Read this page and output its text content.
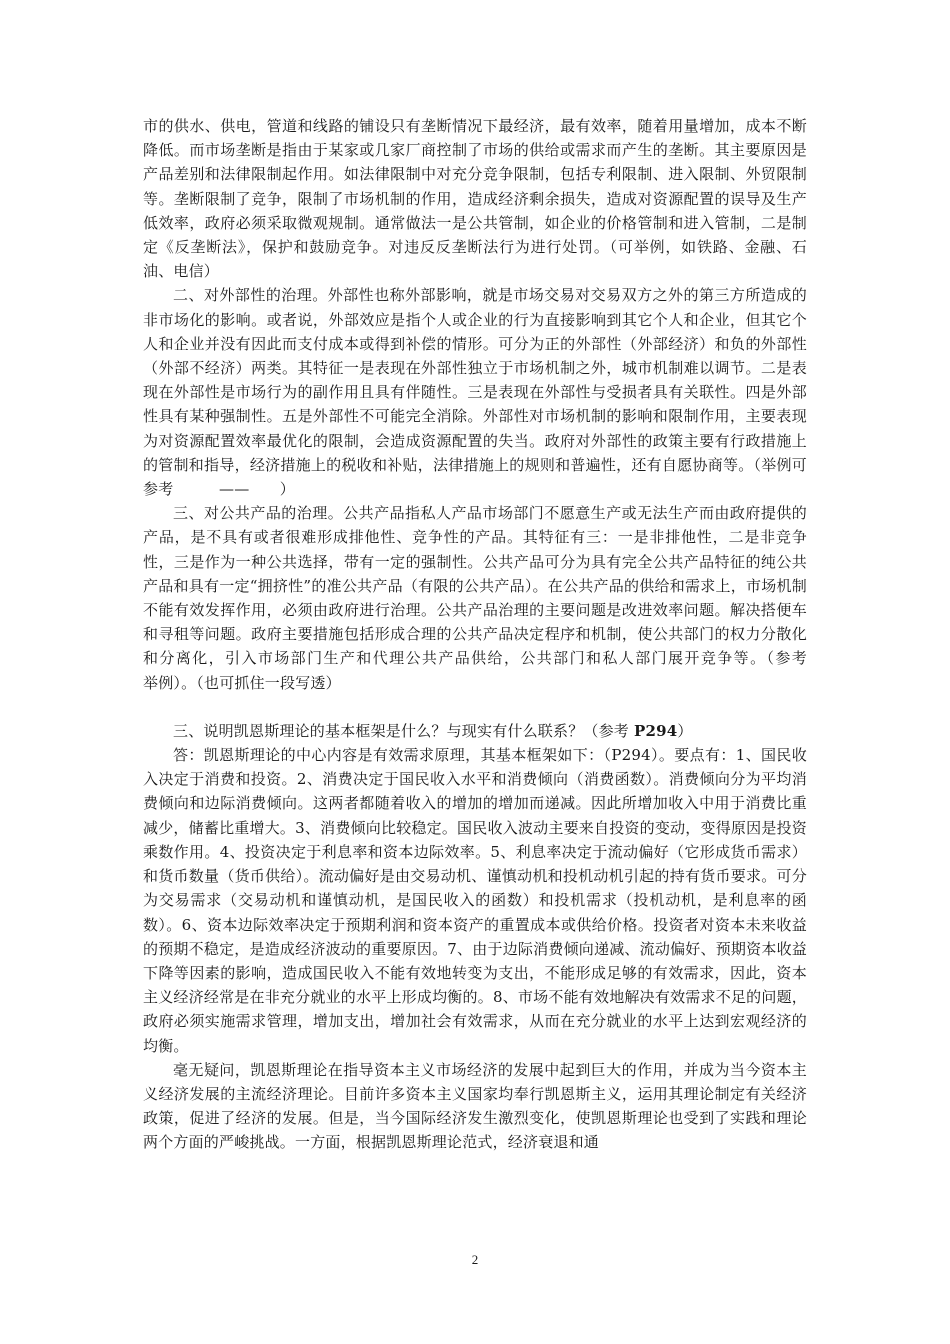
市的供水、供电，管道和线路的铺设只有垄断情况下最经济，最有效率，随着用量增加，成本不断降低。而市场垄断是指由于某家或几家厂商控制了市场的供给或需求而产生的垄断。其主要原因是产品差别和法律限制起作用。如法律限制中对充分竞争限制，包括专利限制、进入限制、外贸限制等。垄断限制了竞争，限制了市场机制的作用，造成经济剩余损失，造成对资源配置的误导及生产低效率，政府必须采取微观规制。通常做法一是公共管制，如企业的价格管制和进入管制，二是制定《反垄断法》，保护和鼓励竞争。对违反反垄断法行为进行处罚。（可举例，如铁路、金融、石油、电信）

二、对外部性的治理。外部性也称外部影响，就是市场交易对交易双方之外的第三方所造成的非市场化的影响。或者说，外部效应是指个人或企业的行为直接影响到其它个人和企业，但其它个人和企业并没有因此而支付成本或得到补偿的情形。可分为正的外部性（外部经济）和负的外部性（外部不经济）两类。其特征一是表现在外部性独立于市场机制之外，城市机制难以调节。二是表现在外部性是市场行为的副作用且具有伴随性。三是表现在外部性与受损者具有关联性。四是外部性具有某种强制性。五是外部性不可能完全消除。外部性对市场机制的影响和限制作用，主要表现为对资源配置效率最优化的限制，会造成资源配置的失当。政府对外部性的政策主要有行政措施上的管制和指导，经济措施上的税收和补贴，法律措施上的规则和普遍性，还有自愿协商等。（举例可参考　　　——　　）

三、对公共产品的治理。公共产品指私人产品市场部门不愿意生产或无法生产而由政府提供的产品，是不具有或者很难形成排他性、竞争性的产品。其特征有三：一是非排他性，二是非竞争性，三是作为一种公共选择，带有一定的强制性。公共产品可分为具有完全公共产品特征的纯公共产品和具有一定“拥挤性”的准公共产品（有限的公共产品）。在公共产品的供给和需求上，市场机制不能有效发挥作用，必须由政府进行治理。公共产品治理的主要问题是改进效率问题。解决搭便车和寻租等问题。政府主要措施包括形成合理的公共产品决定程序和机制，使公共部门的权力分散化和分离化，引入市场部门生产和代理公共产品供给，公共部门和私人部门展开竞争等。（参考　　　举例）。（也可抓住一段写透）

三、说明凯恩斯理论的基本框架是什么？与现实有什么联系？（参考 P294）

答：凯恩斯理论的中心内容是有效需求原理，其基本框架如下：（P294）。要点有：1、国民收入决定于消费和投资。2、消费决定于国民收入水平和消费倾向（消费函数）。消费倾向分为平均消费倾向和边际消费倾向。这两者都随着收入的增加的增加而递减。因此所增加收入中用于消费比重减少，储蓄比重增大。3、消费倾向比较稳定。国民收入波动主要来自投资的变动，变得原因是投资乘数作用。4、投资决定于利息率和资本边际效率。5、利息率决定于流动偏好（它形成货币需求）和货币数量（货币供给）。流动偏好是由交易动机、谨慎动机和投机动机引起的持有货币要求。可分为交易需求（交易动机和谨慎动机，是国民收入的函数）和投机需求（投机动机，是利息率的函数）。6、资本边际效率决定于预期利润和资本资产的重置成本或供给价格。投资者对资本未来收益的预期不稳定，是造成经济波动的重要原因。7、由于边际消费倾向递减、流动偏好、预期资本收益下降等因素的影响，造成国民收入不能有效地转变为支出，不能形成足够的有效需求，因此，资本主义经济经常是在非充分就业的水平上形成均衡的。8、市场不能有效地解决有效需求不足的问题，政府必须实施需求管理，增加支出，增加社会有效需求，从而在充分就业的水平上达到宏观经济的均衡。

毫无疑问，凯恩斯理论在指导资本主义市场经济的发展中起到巨大的作用，并成为当今资本主义经济发展的主流经济理论。目前许多资本主义国家均奉行凯恩斯主义，运用其理论制定有关经济政策，促进了经济的发展。但是，当今国际经济发生激烈变化，使凯恩斯理论也受到了实践和理论两个方面的严峻挑战。一方面，根据凯恩斯理论范式，经济衰退和通

2
